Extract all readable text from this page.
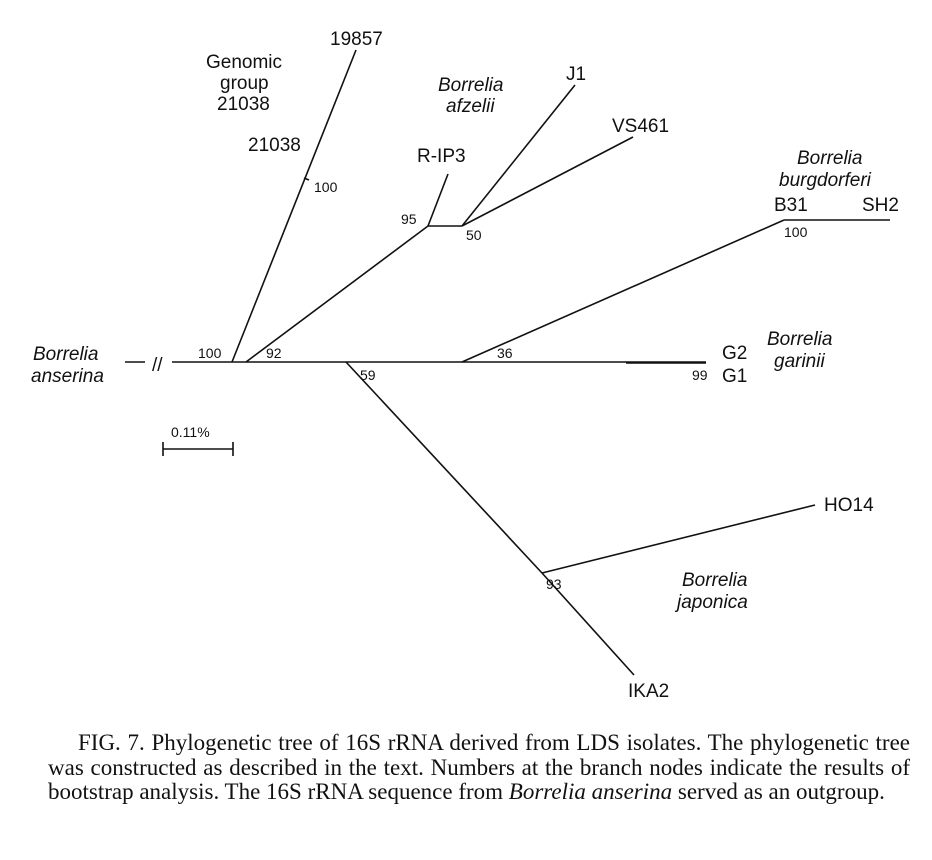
//
0.11%
Borrelia
anserina
Genomic
group
21038
Borrelia
afzelii
Borrelia
burgdorferi
Borrelia
garinii
Borrelia
japonica
19857
21038
R-IP3
J1
VS461
B31	SH2
G2
G1
HO14
IKA2
100
100
92
95
50	100
36
99
59
93

FIG. 7. Phylogenetic tree of 16S rRNA derived from LDS isolates. The phylogenetic tree was constructed as described in the text. Numbers at the branch nodes indicate the results of bootstrap analysis. The 16S rRNA sequence from Borrelia anserina served as an outgroup.
